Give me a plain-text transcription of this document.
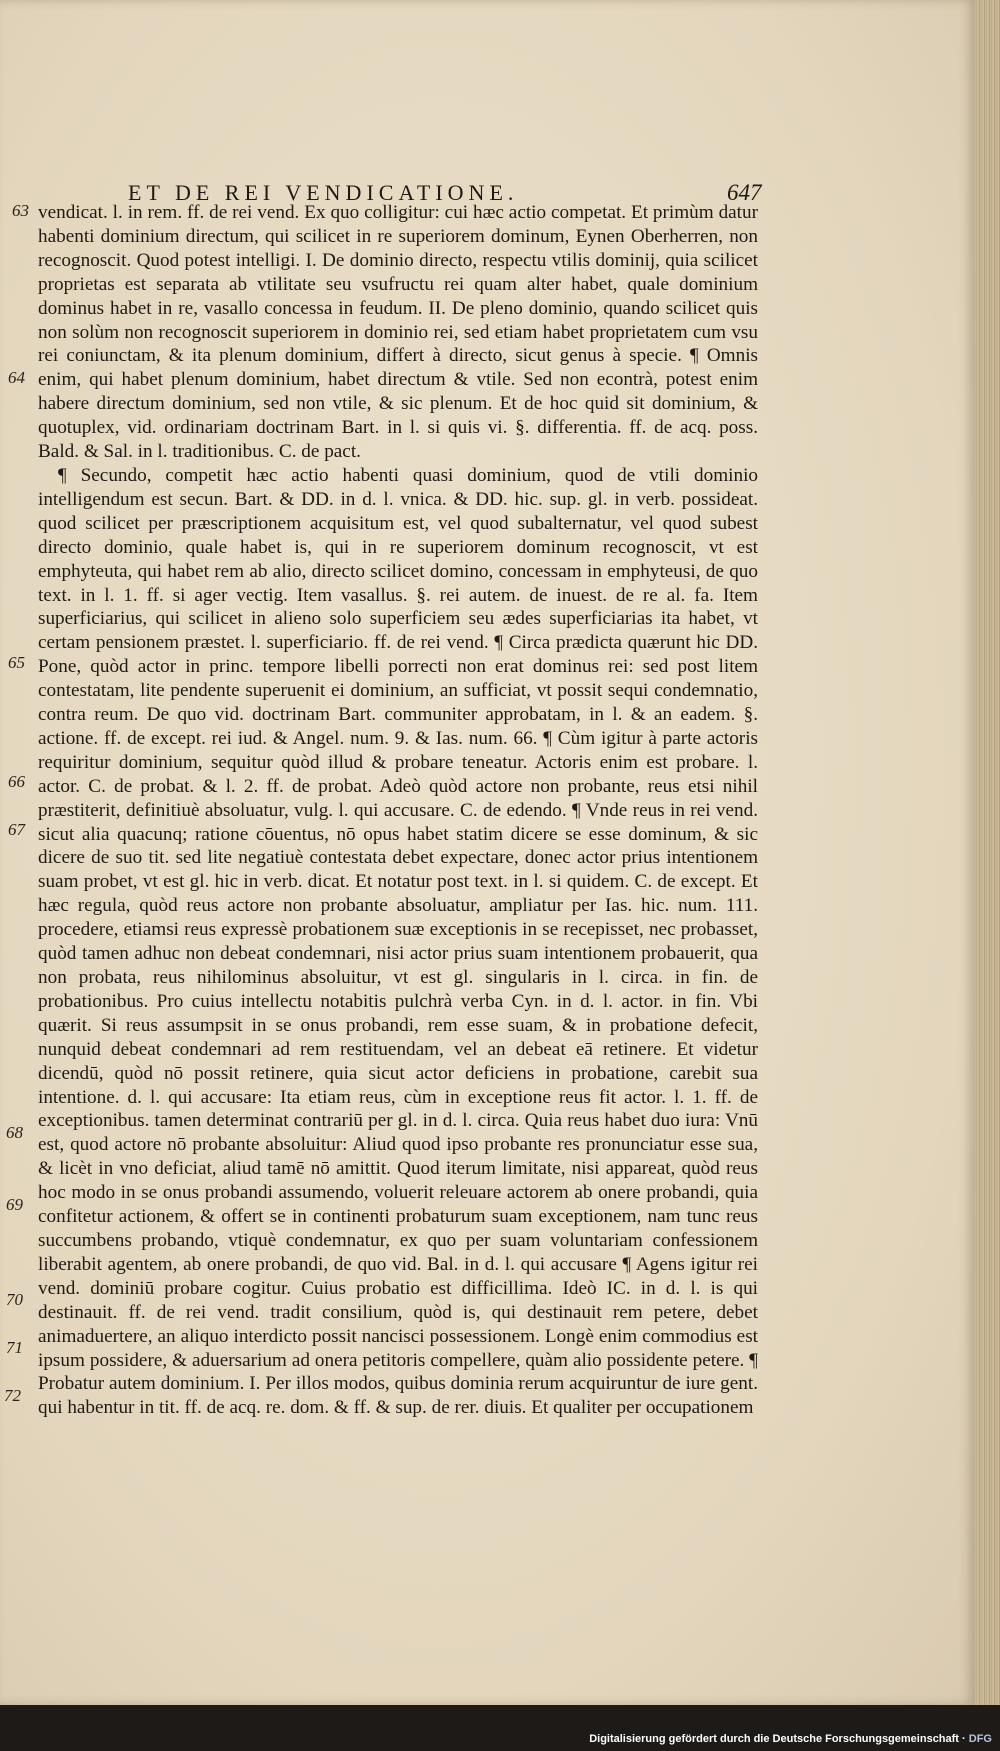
ET DE REI VENDICATIONE.	647
63
64
65
66
67
68
69
70
71
72

vendicat. l. in rem. ff. de rei vend. Ex quo colligitur: cui hæc actio competat. Et primùm datur habenti dominium directum, qui scilicet in re superiorem dominum, Eynen Oberherren, non recognoscit. Quod potest intelligi. I. De dominio directo, respectu vtilis dominij, quia scilicet proprietas est separata ab vtilitate seu vsufructu rei quam alter habet, quale dominium dominus habet in re, vasallo concessa in feudum. II. De pleno dominio, quando scilicet quis non solùm non recognoscit superiorem in dominio rei, sed etiam habet proprietatem cum vsu rei coniunctam, & ita plenum dominium, differt à directo, sicut genus à specie. ¶ Omnis enim, qui habet plenum dominium, habet directum & vtile. Sed non econtrà, potest enim habere directum dominium, sed non vtile, & sic plenum. Et de hoc quid sit dominium, & quotuplex, vid. ordinariam doctrinam Bart. in l. si quis vi. §. differentia. ff. de acq. poss. Bald. & Sal. in l. traditionibus. C. de pact.

¶ Secundo, competit hæc actio habenti quasi dominium, quod de vtili dominio intelligendum est secun. Bart. & DD. in d. l. vnica. & DD. hic. sup. gl. in verb. possideat. quod scilicet per præscriptionem acquisitum est, vel quod subalternatur, vel quod subest directo dominio, quale habet is, qui in re superiorem dominum recognoscit, vt est emphyteuta, qui habet rem ab alio, directo scilicet domino, concessam in emphyteusi, de quo text. in l. 1. ff. si ager vectig. Item vasallus. §. rei autem. de inuest. de re al. fa. Item superficiarius, qui scilicet in alieno solo superficiem seu ædes superficiarias ita habet, vt certam pensionem præstet. l. superficiario. ff. de rei vend. ¶ Circa prædicta quærunt hic DD. Pone, quòd actor in princ. tempore libelli porrecti non erat dominus rei: sed post litem contestatam, lite pendente superuenit ei dominium, an sufficiat, vt possit sequi condemnatio, contra reum. De quo vid. doctrinam Bart. communiter approbatam, in l. & an eadem. §. actione. ff. de except. rei iud. & Angel. num. 9. & Ias. num. 66. ¶ Cùm igitur à parte actoris requiritur dominium, sequitur quòd illud & probare teneatur. Actoris enim est probare. l. actor. C. de probat. & l. 2. ff. de probat. Adeò quòd actore non probante, reus etsi nihil præstiterit, definitiuè absoluatur, vulg. l. qui accusare. C. de edendo. ¶ Vnde reus in rei vend. sicut alia quacunq; ratione cōuentus, nō opus habet statim dicere se esse dominum, & sic dicere de suo tit. sed lite negatiuè contestata debet expectare, donec actor prius intentionem suam probet, vt est gl. hic in verb. dicat. Et notatur post text. in l. si quidem. C. de except. Et hæc regula, quòd reus actore non probante absoluatur, ampliatur per Ias. hic. num. 111. procedere, etiamsi reus expressè probationem suæ exceptionis in se recepisset, nec probasset, quòd tamen adhuc non debeat condemnari, nisi actor prius suam intentionem probauerit, qua non probata, reus nihilominus absoluitur, vt est gl. singularis in l. circa. in fin. de probationibus. Pro cuius intellectu notabitis pulchrà verba Cyn. in d. l. actor. in fin. Vbi quærit. Si reus assumpsit in se onus probandi, rem esse suam, & in probatione defecit, nunquid debeat condemnari ad rem restituendam, vel an debeat eā retinere. Et videtur dicendū, quòd nō possit retinere, quia sicut actor deficiens in probatione, carebit sua intentione. d. l. qui accusare: Ita etiam reus, cùm in exceptione reus fit actor. l. 1. ff. de exceptionibus. tamen determinat contrariū per gl. in d. l. circa. Quia reus habet duo iura: Vnū est, quod actore nō probante absoluitur: Aliud quod ipso probante res pronunciatur esse sua, & licèt in vno deficiat, aliud tamē nō amittit. Quod iterum limitate, nisi appareat, quòd reus hoc modo in se onus probandi assumendo, voluerit releuare actorem ab onere probandi, quia confitetur actionem, & offert se in continenti probaturum suam exceptionem, nam tunc reus succumbens probando, vtiquè condemnatur, ex quo per suam voluntariam confessionem liberabit agentem, ab onere probandi, de quo vid. Bal. in d. l. qui accusare ¶ Agens igitur rei vend. dominiū probare cogitur. Cuius probatio est difficillima. Ideò IC. in d. l. is qui destinauit. ff. de rei vend. tradit consilium, quòd is, qui destinauit rem petere, debet animaduertere, an aliquo interdicto possit nancisci possessionem. Longè enim commodius est ipsum possidere, & aduersarium ad onera petitoris compellere, quàm alio possidente petere. ¶ Probatur autem dominium. I. Per illos modos, quibus dominia rerum acquiruntur de iure gent. qui habentur in tit. ff. de acq. re. dom. & ff. & sup. de rer. diuis. Et qualiter per occupationem

Digitalisierung gefördert durch die Deutsche Forschungsgemeinschaft · DFG
